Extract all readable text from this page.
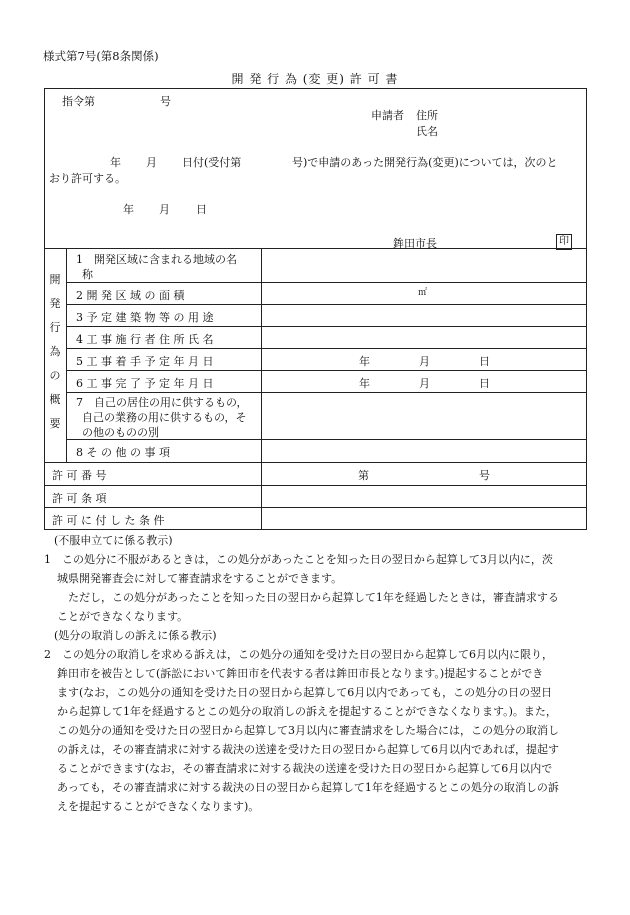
様式第7号(第8条関係)
開 発 行 為 (変 更) 許 可 書
指令第	号
申請者 住所
氏名
年 月 日付(受付第	号)で申請のあった開発行為(変更)については，次のと
おり許可する。
年 月 日
鉾田市長	印
開
発
行
為
の
概
要
1　開発区域に含まれる地域の名
称
2 開 発 区 域 の 面 積	㎡
3 予 定 建 築 物 等 の 用 途
4 工 事 施 行 者 住 所 氏 名
5 工 事 着 手 予 定 年 月 日	年	月	日
6 工 事 完 了 予 定 年 月 日	年	月	日
7　自己の居住の用に供するもの，
自己の業務の用に供するもの，そ
の他のものの別
8 そ の 他 の 事 項
許 可 番 号	第	号
許 可 条 項
許 可 に 付 し た 条 件
(不服申立てに係る教示)
1　この処分に不服があるときは，この処分があったことを知った日の翌日から起算して3月以内に，茨
城県開発審査会に対して審査請求をすることができます。
　ただし，この処分があったことを知った日の翌日から起算して1年を経過したときは，審査請求する
ことができなくなります。
(処分の取消しの訴えに係る教示)
2　この処分の取消しを求める訴えは，この処分の通知を受けた日の翌日から起算して6月以内に限り，
鉾田市を被告として(訴訟において鉾田市を代表する者は鉾田市長となります。)提起することができ
ます(なお，この処分の通知を受けた日の翌日から起算して6月以内であっても，この処分の日の翌日
から起算して1年を経過するとこの処分の取消しの訴えを提起することができなくなります。)。また，
この処分の通知を受けた日の翌日から起算して3月以内に審査請求をした場合には，この処分の取消し
の訴えは，その審査請求に対する裁決の送達を受けた日の翌日から起算して6月以内であれば，提起す
ることができます(なお，その審査請求に対する裁決の送達を受けた日の翌日から起算して6月以内で
あっても，その審査請求に対する裁決の日の翌日から起算して1年を経過するとこの処分の取消しの訴
えを提起することができなくなります)。
